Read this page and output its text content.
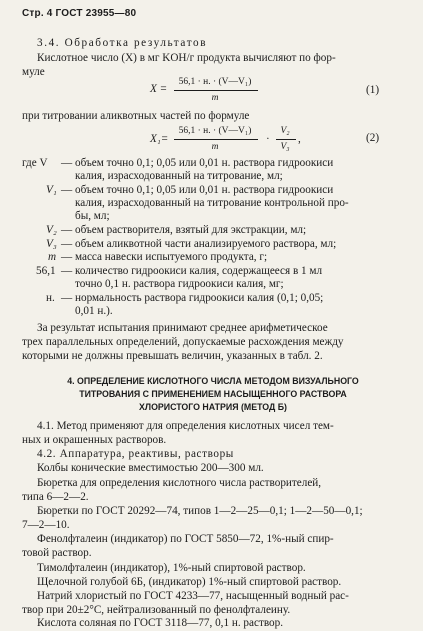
Стр. 4 ГОСТ 23955—80
3.4. Обработка результатов
Кислотное число (X) в мг KOH/г продукта вычисляют по фор-
муле
X =
56,1 · н. · (V—V₁)
m
(1)
при титровании аликвотных частей по формуле
X₁=
56,1 · н. · (V—V₁)
m
·
V₂
V₃
,	(2)
где V — объем точно 0,1; 0,05 или 0,01 н. раствора гидроокиси
калия, израсходованный на титрование, мл;
V₁ — объем точно 0,1; 0,05 или 0,01 н. раствора гидроокиси
калия, израсходованный на титрование контрольной про-
бы, мл;
V₂ — объем растворителя, взятый для экстракции, мл;
V₃ — объем аликвотной части анализируемого раствора, мл;
m — масса навески испытуемого продукта, г;
56,1 — количество гидроокиси калия, содержащееся в 1 мл
точно 0,1 н. раствора гидроокиси калия, мг;
н. — нормальность раствора гидроокиси калия (0,1; 0,05;
0,01 н.).
За результат испытания принимают среднее арифметическое
трех параллельных определений, допускаемые расхождения между
которыми не должны превышать величин, указанных в табл. 2.
4. ОПРЕДЕЛЕНИЕ КИСЛОТНОГО ЧИСЛА МЕТОДОМ ВИЗУАЛЬНОГО
ТИТРОВАНИЯ С ПРИМЕНЕНИЕМ НАСЫЩЕННОГО РАСТВОРА
ХЛОРИСТОГО НАТРИЯ (МЕТОД Б)
4.1. Метод применяют для определения кислотных чисел тем-
ных и окрашенных растворов.
4.2. Аппаратура, реактивы, растворы
Колбы конические вместимостью 200—300 мл.
Бюретка для определения кислотного числа растворителей,
типа 6—2—2.
Бюретки по ГОСТ 20292—74, типов 1—2—25—0,1; 1—2—50—0,1;
7—2—10.
Фенолфталеин (индикатор) по ГОСТ 5850—72, 1%-ный спир-
товой раствор.
Тимолфталеин (индикатор), 1%-ный спиртовой раствор.
Щелочной голубой 6Б, (индикатор) 1%-ный спиртовой раствор.
Натрий хлористый по ГОСТ 4233—77, насыщенный водный рас-
твор при 20±2°С, нейтрализованный по фенолфталеину.
Кислота соляная по ГОСТ 3118—77, 0,1 н. раствор.
